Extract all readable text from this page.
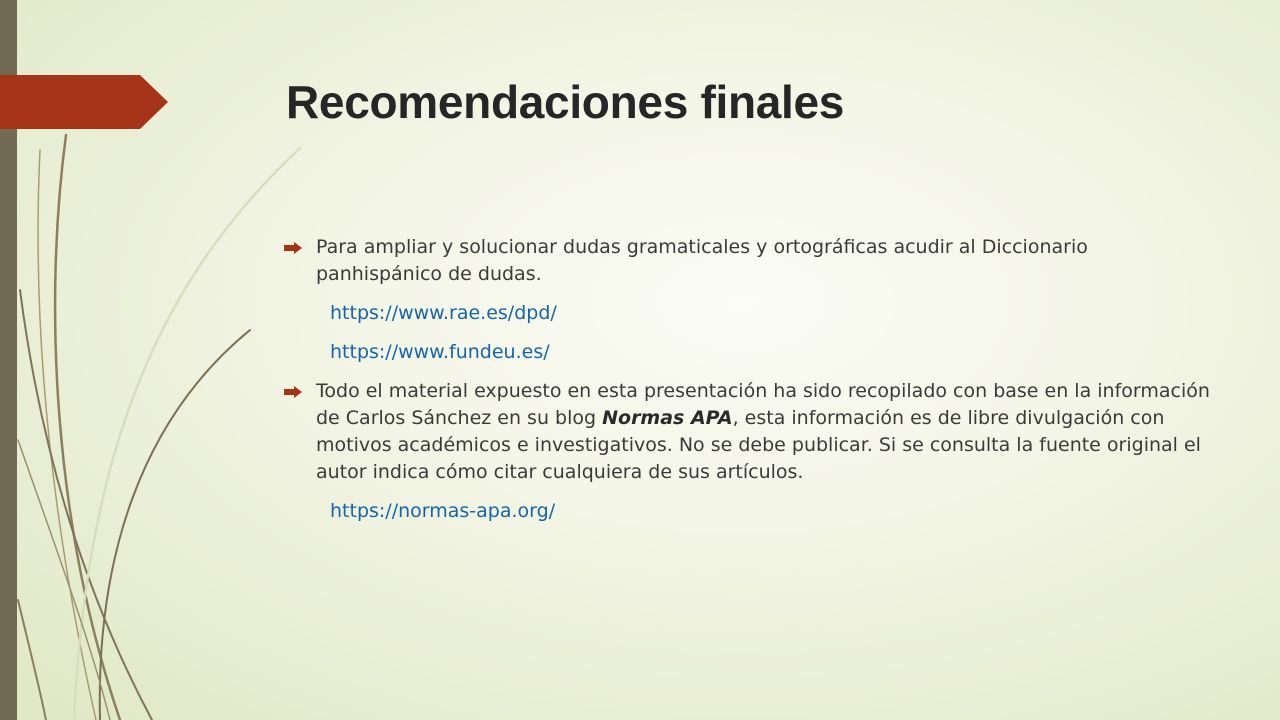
Recomendaciones finales

Para ampliar y solucionar dudas gramaticales y ortográficas acudir al Diccionario panhispánico de dudas.

https://www.rae.es/dpd/
https://www.fundeu.es/

Todo el material expuesto en esta presentación ha sido recopilado con base en la información de Carlos Sánchez en su blog Normas APA, esta información es de libre divulgación con motivos académicos e investigativos. No se debe publicar. Si se consulta la fuente original el autor indica cómo citar cualquiera de sus artículos.

https://normas-apa.org/
